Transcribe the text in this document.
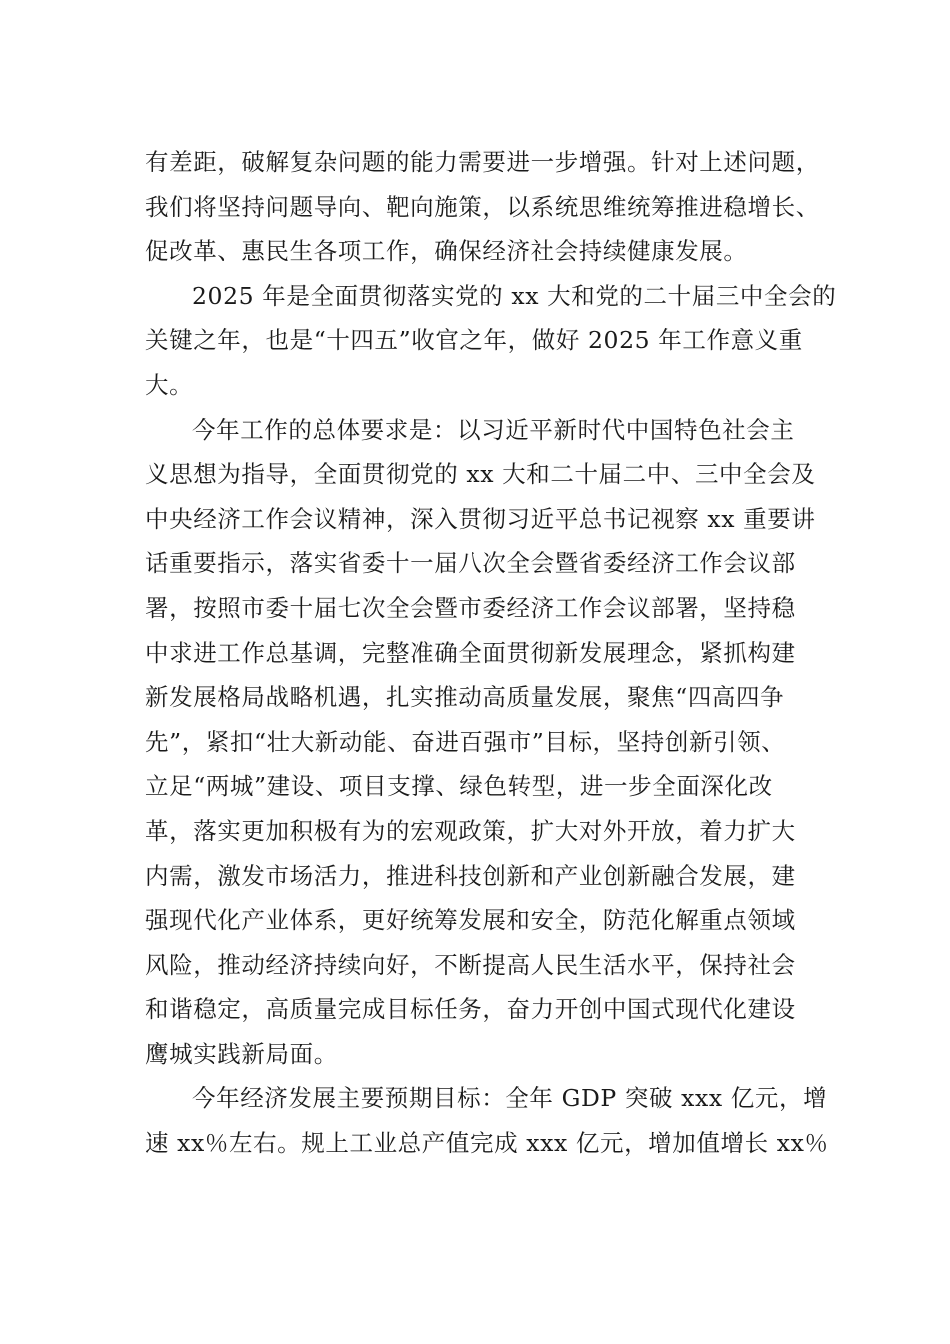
有差距，破解复杂问题的能力需要进一步增强。针对上述问题，
我们将坚持问题导向、靶向施策，以系统思维统筹推进稳增长、
促改革、惠民生各项工作，确保经济社会持续健康发展。
2025 年是全面贯彻落实党的 xx 大和党的二十届三中全会的
关键之年，也是“十四五”收官之年，做好 2025 年工作意义重
大。
今年工作的总体要求是：以习近平新时代中国特色社会主
义思想为指导，全面贯彻党的 xx 大和二十届二中、三中全会及
中央经济工作会议精神，深入贯彻习近平总书记视察 xx 重要讲
话重要指示，落实省委十一届八次全会暨省委经济工作会议部
署，按照市委十届七次全会暨市委经济工作会议部署，坚持稳
中求进工作总基调，完整准确全面贯彻新发展理念，紧抓构建
新发展格局战略机遇，扎实推动高质量发展，聚焦“四高四争
先”，紧扣“壮大新动能、奋进百强市”目标，坚持创新引领、
立足“两城”建设、项目支撑、绿色转型，进一步全面深化改
革，落实更加积极有为的宏观政策，扩大对外开放，着力扩大
内需，激发市场活力，推进科技创新和产业创新融合发展，建
强现代化产业体系，更好统筹发展和安全，防范化解重点领域
风险，推动经济持续向好，不断提高人民生活水平，保持社会
和谐稳定，高质量完成目标任务，奋力开创中国式现代化建设
鹰城实践新局面。
今年经济发展主要预期目标：全年 GDP 突破 xxx 亿元，增
速 xx％左右。规上工业总产值完成 xxx 亿元，增加值增长 xx％
